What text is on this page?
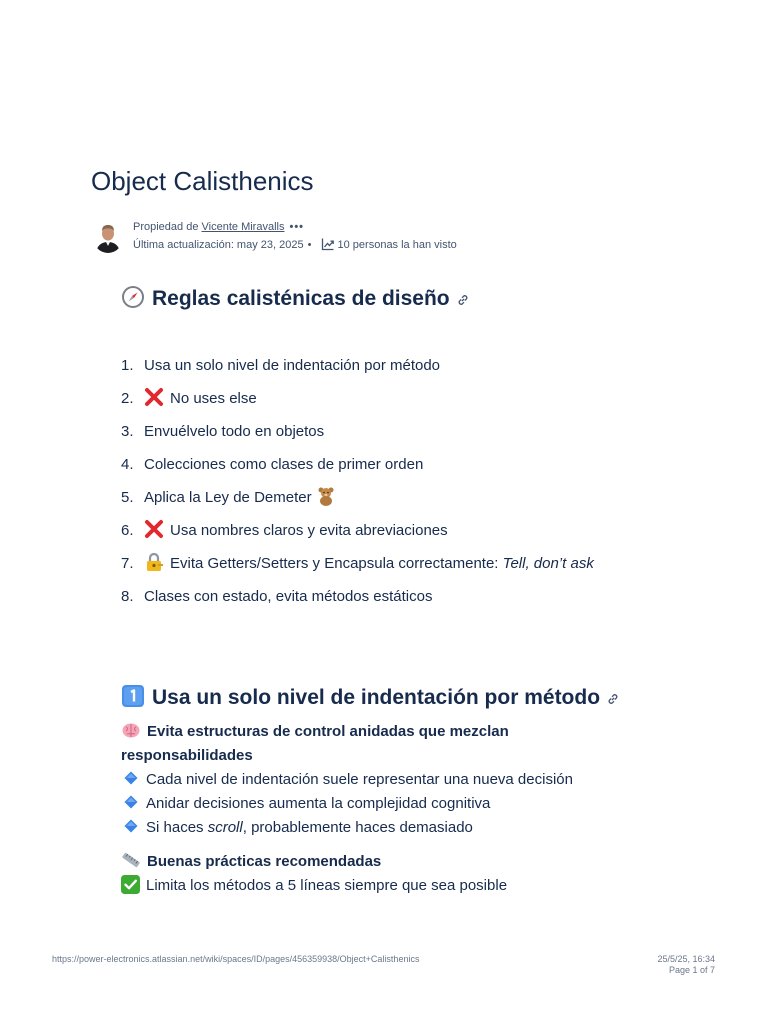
Object Calisthenics
Propiedad de Vicente Miravalls •••
Última actualización: may 23, 2025 • 10 personas la han visto
Reglas calisténicas de diseño
1. Usa un solo nivel de indentación por método
2. No uses else
3. Envuélvelo todo en objetos
4. Colecciones como clases de primer orden
5. Aplica la Ley de Demeter
6. Usa nombres claros y evita abreviaciones
7. Evita Getters/Setters y Encapsula correctamente: Tell, don’t ask
8. Clases con estado, evita métodos estáticos
Usa un solo nivel de indentación por método
Evita estructuras de control anidadas que mezclan responsabilidades
Cada nivel de indentación suele representar una nueva decisión
Anidar decisiones aumenta la complejidad cognitiva
Si haces scroll, probablemente haces demasiado
Buenas prácticas recomendadas
Limita los métodos a 5 líneas siempre que sea posible
https://power-electronics.atlassian.net/wiki/spaces/ID/pages/456359938/Object+Calisthenics	25/5/25, 16:34
Page 1 of 7
